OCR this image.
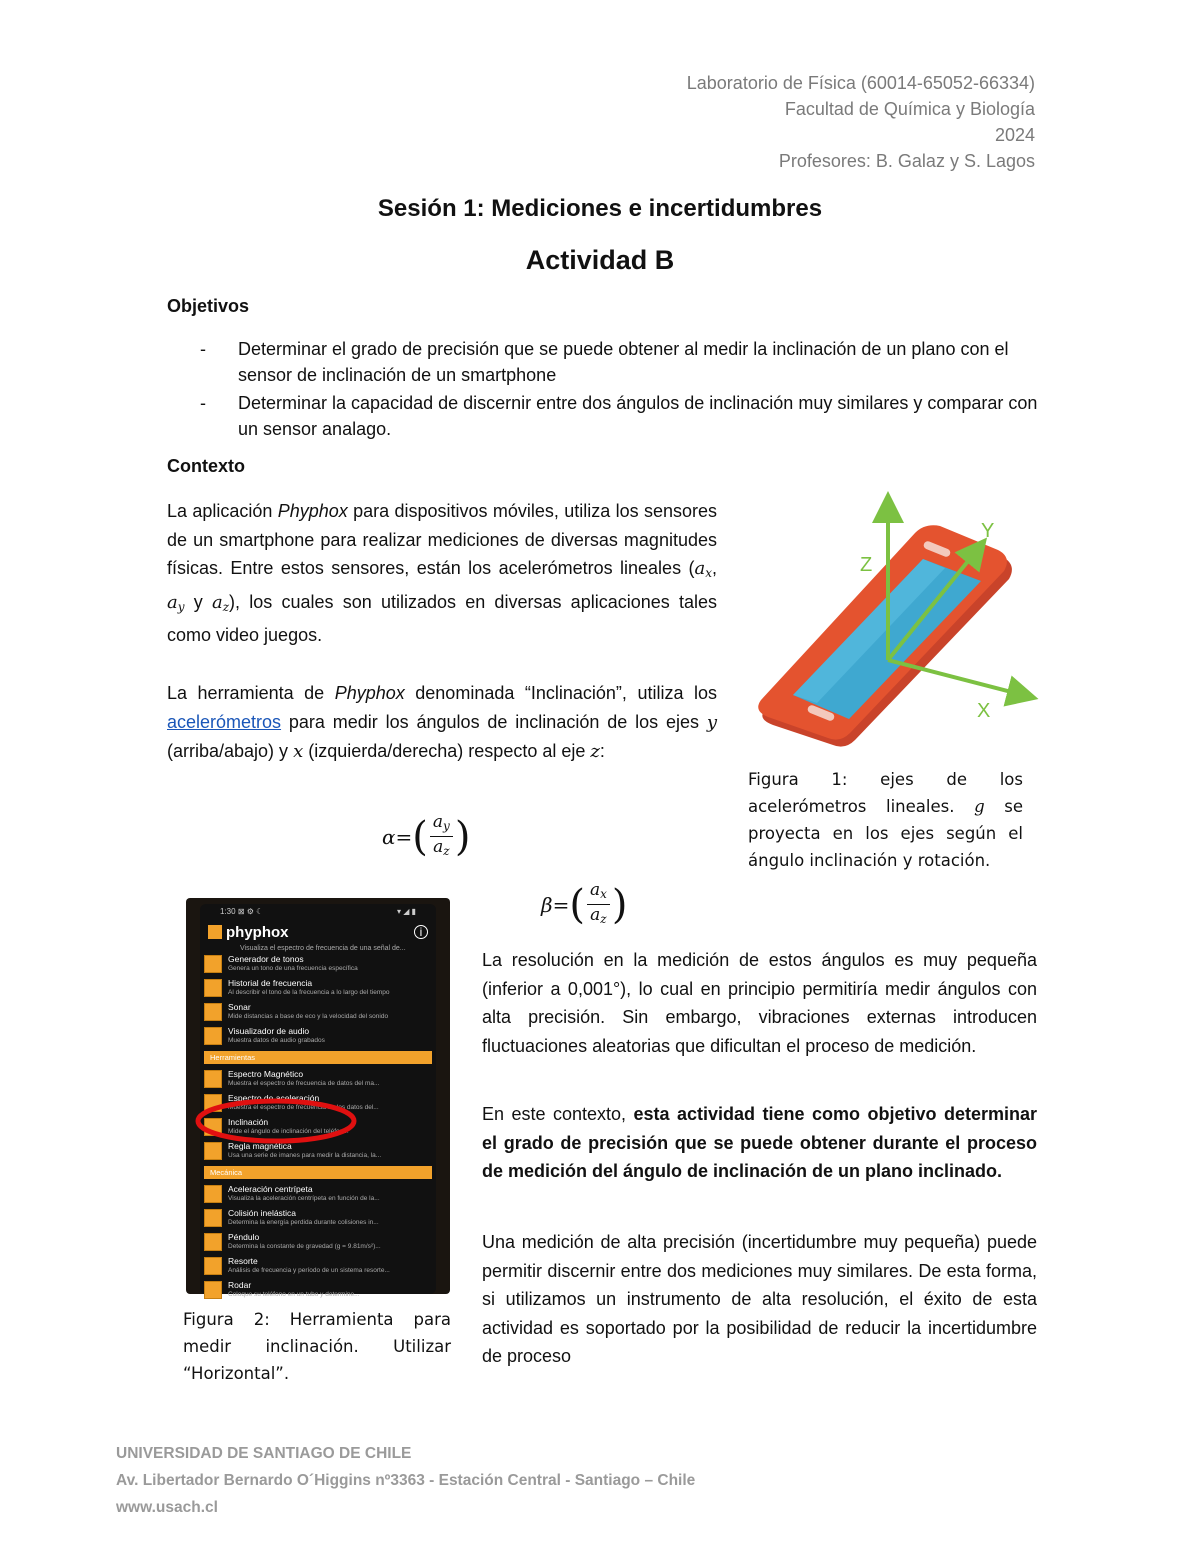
Laboratorio de Física (60014-65052-66334)
Facultad de Química y Biología
2024
Profesores: B. Galaz y S. Lagos
Sesión 1: Mediciones e incertidumbres
Actividad B
Objetivos
-	Determinar el grado de precisión que se puede obtener al medir la inclinación de un plano con el sensor de inclinación de un smartphone
-	Determinar la capacidad de discernir entre dos ángulos de inclinación muy similares y comparar con un sensor analago.
Contexto
La aplicación Phyphox para dispositivos móviles, utiliza los sensores de un smartphone para realizar mediciones de diversas magnitudes físicas. Entre estos sensores, están los acelerómetros lineales ($a_x$, $a_y$ y $a_z$), los cuales son utilizados en diversas aplicaciones tales como video juegos.
La herramienta de Phyphox denominada “Inclinación”, utiliza los acelerómetros para medir los ángulos de inclinación de los ejes y (arriba/abajo) y x (izquierda/derecha) respecto al eje z:
α = ( $\frac{a_y}{a_z}$ )
β = ( $\frac{a_x}{a_z}$ )
Z
Y
X
Figura 1: ejes de los acelerómetros lineales. g se proyecta en los ejes según el ángulo inclinación y rotación.
1:30 ⊠ ⚙ ☾	▾ ◢ ▮
phyphox	i
Visualiza el espectro de frecuencia de una señal de...
Generador de tonos
Genera un tono de una frecuencia específica
Historial de frecuencia
Al describir el tono de la frecuencia a lo largo del tiempo
Sonar
Mide distancias a base de eco y la velocidad del sonido
Visualizador de audio
Muestra datos de audio grabados
Herramientas
Espectro Magnético
Muestra el espectro de frecuencia de datos del ma...
Espectro de aceleración
Muestra el espectro de frecuencia de los datos del...
Inclinación
Mide el ángulo de inclinación del teléfono.
Regla magnética
Usa una serie de imanes para medir la distancia, la...
Mecánica
Aceleración centrípeta
Visualiza la aceleración centrípeta en función de la...
Colisión inelástica
Determina la energía perdida durante colisiones in...
Péndulo
Determina la constante de gravedad (g = 9.81m/s²)...
Resorte
Análisis de frecuencia y período de un sistema resorte...
Rodar
Coloque su teléfono en un tubo y determine...
Figura 2: Herramienta para medir inclinación. Utilizar “Horizontal”.
La resolución en la medición de estos ángulos es muy pequeña (inferior a 0,001°), lo cual en principio permitiría medir ángulos con alta precisión. Sin embargo, vibraciones externas introducen fluctuaciones aleatorias que dificultan el proceso de medición.
En este contexto, esta actividad tiene como objetivo determinar el grado de precisión que se puede obtener durante el proceso de medición del ángulo de inclinación de un plano inclinado.
Una medición de alta precisión (incertidumbre muy pequeña) puede permitir discernir entre dos mediciones muy similares. De esta forma, si utilizamos un instrumento de alta resolución, el éxito de esta actividad es soportado por la posibilidad de reducir la incertidumbre de proceso
UNIVERSIDAD DE SANTIAGO DE CHILE
Av. Libertador Bernardo O´Higgins nº3363 - Estación Central - Santiago – Chile
www.usach.cl
